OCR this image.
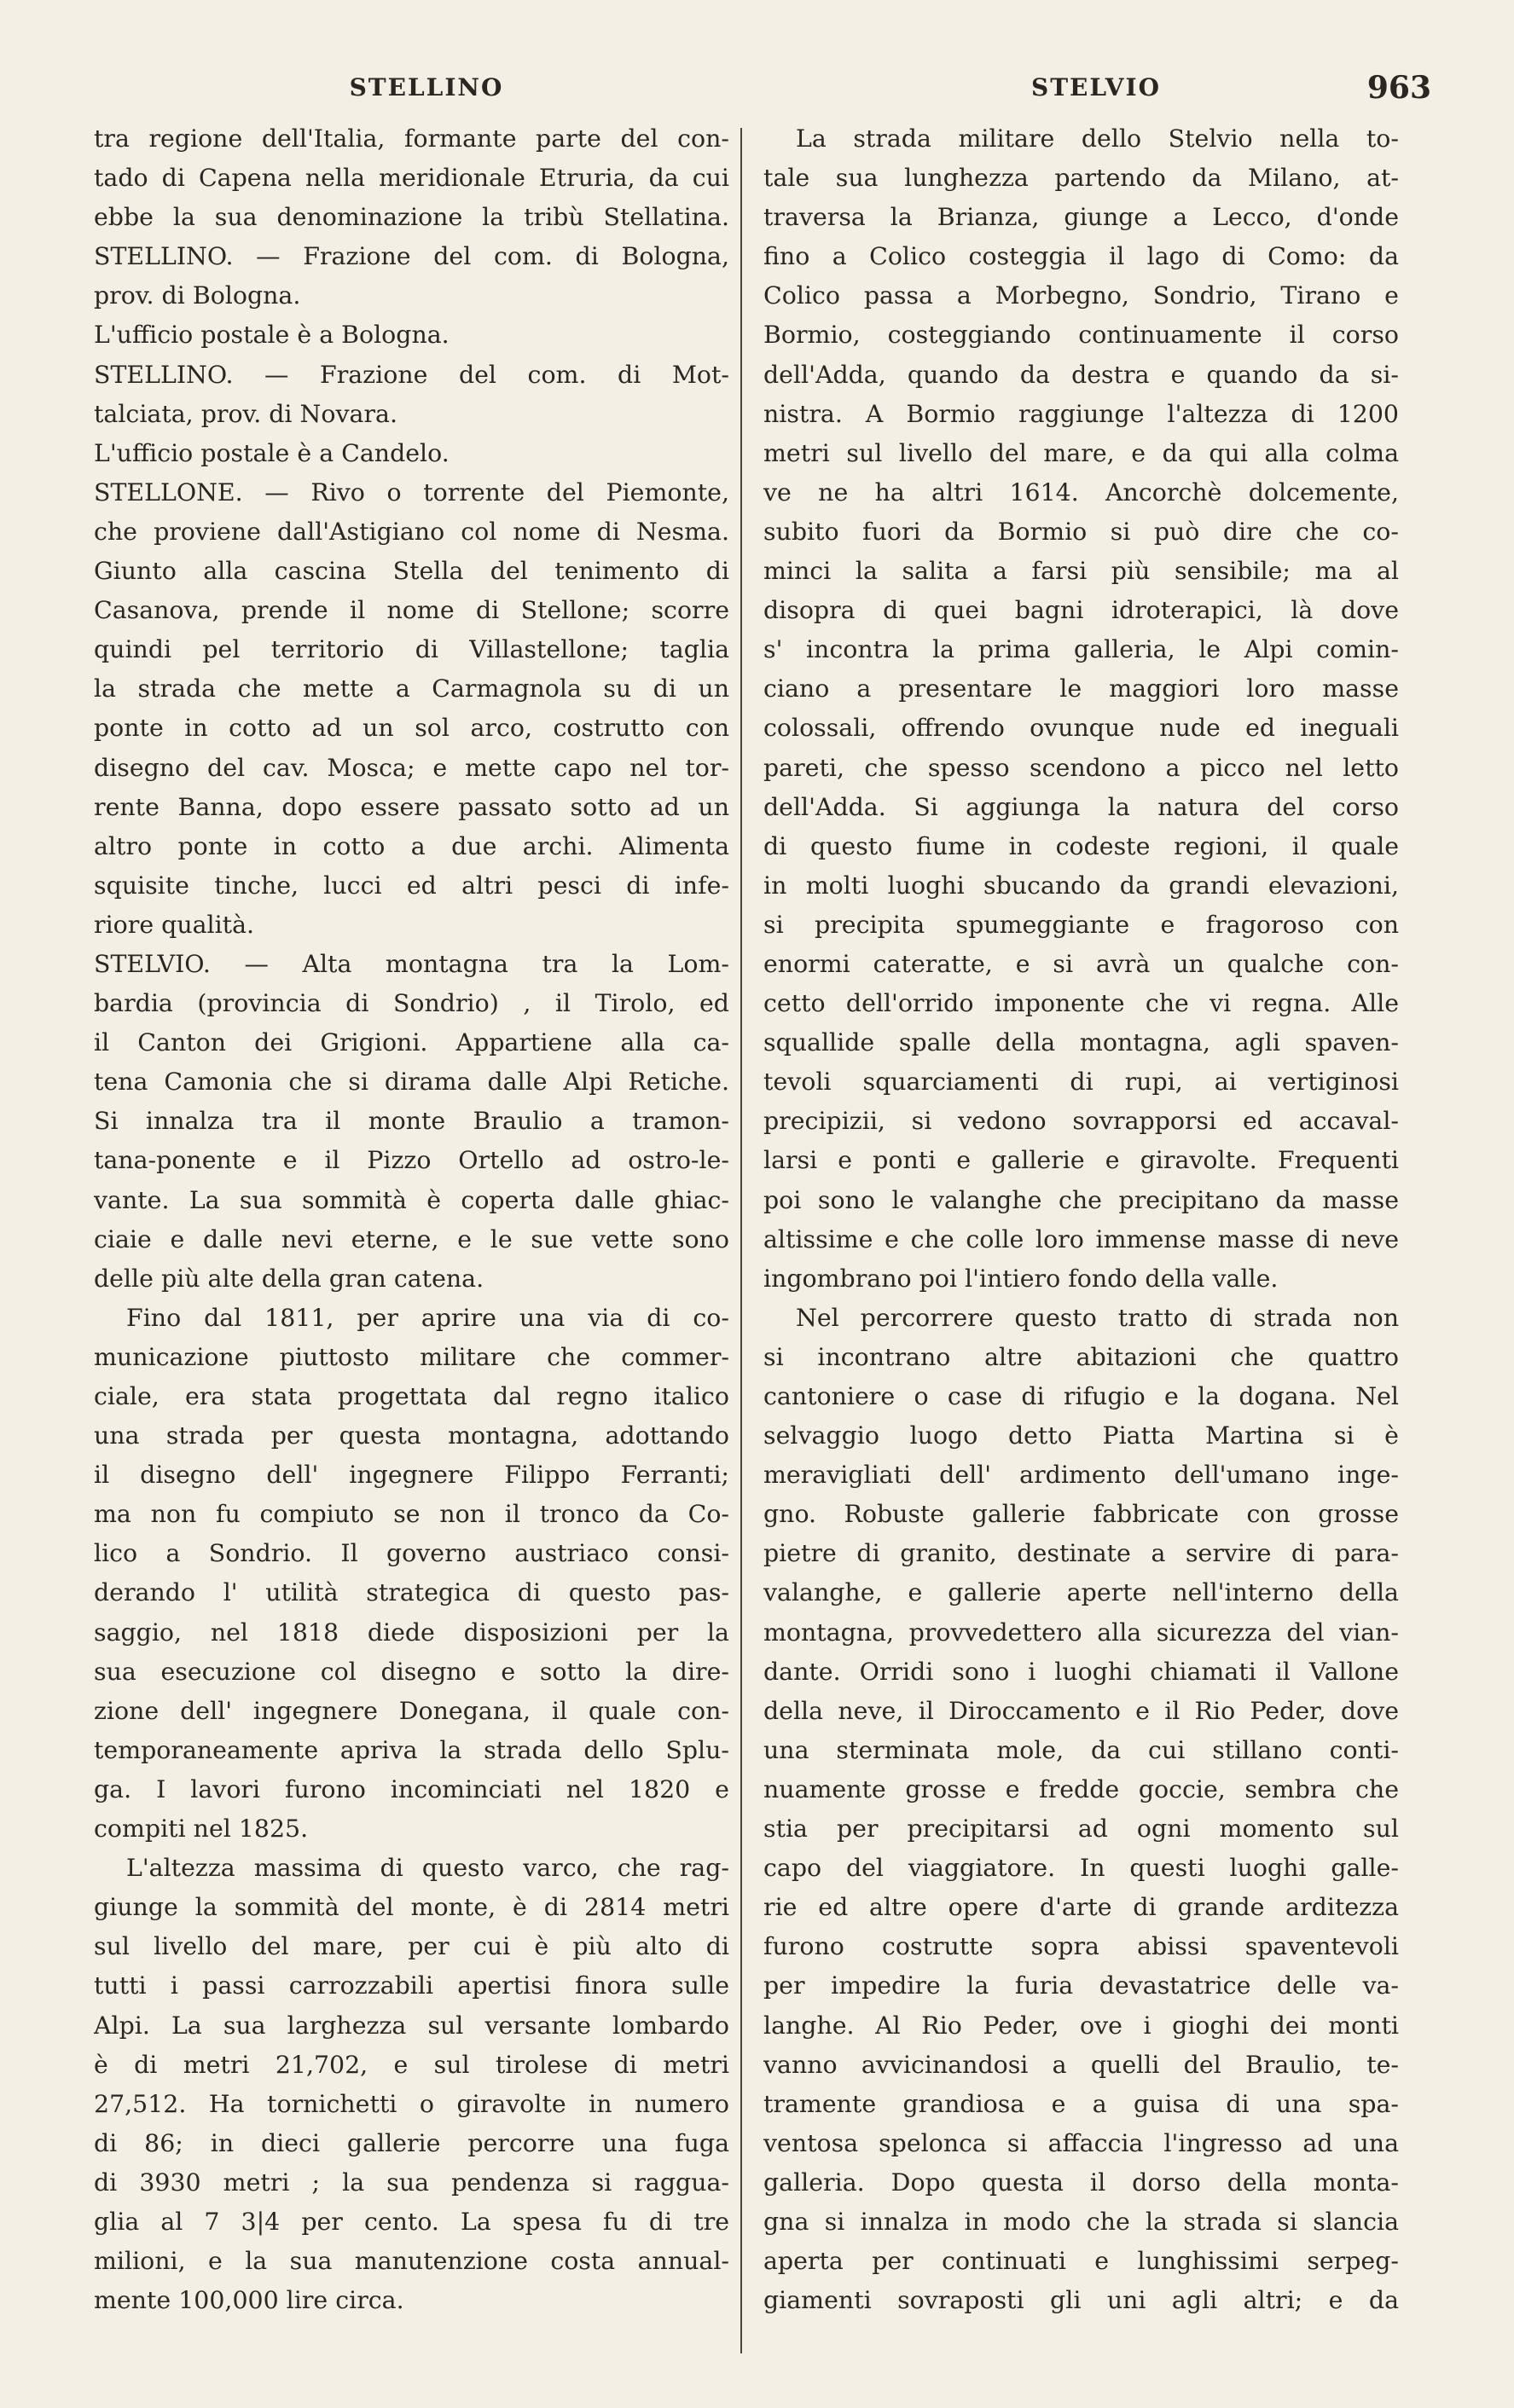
STELLINO	STELVIO	963
tra regione dell'Italia, formante parte del con-
tado di Capena nella meridionale Etruria, da cui
ebbe la sua denominazione la tribù Stellatina.
STELLINO. — Frazione del com. di Bologna,
prov. di Bologna.
L'ufficio postale è a Bologna.
STELLINO. — Frazione del com. di Mot-
talciata, prov. di Novara.
L'ufficio postale è a Candelo.
STELLONE. — Rivo o torrente del Piemonte,
che proviene dall'Astigiano col nome di Nesma.
Giunto alla cascina Stella del tenimento di
Casanova, prende il nome di Stellone; scorre
quindi pel territorio di Villastellone; taglia
la strada che mette a Carmagnola su di un
ponte in cotto ad un sol arco, costrutto con
disegno del cav. Mosca; e mette capo nel tor-
rente Banna, dopo essere passato sotto ad un
altro ponte in cotto a due archi. Alimenta
squisite tinche, lucci ed altri pesci di infe-
riore qualità.
STELVIO. — Alta montagna tra la Lom-
bardia (provincia di Sondrio) , il Tirolo, ed
il Canton dei Grigioni. Appartiene alla ca-
tena Camonia che si dirama dalle Alpi Retiche.
Si innalza tra il monte Braulio a tramon-
tana-ponente e il Pizzo Ortello ad ostro-le-
vante. La sua sommità è coperta dalle ghiac-
ciaie e dalle nevi eterne, e le sue vette sono
delle più alte della gran catena.
Fino dal 1811, per aprire una via di co-
municazione piuttosto militare che commer-
ciale, era stata progettata dal regno italico
una strada per questa montagna, adottando
il disegno dell' ingegnere Filippo Ferranti;
ma non fu compiuto se non il tronco da Co-
lico a Sondrio. Il governo austriaco consi-
derando l' utilità strategica di questo pas-
saggio, nel 1818 diede disposizioni per la
sua esecuzione col disegno e sotto la dire-
zione dell' ingegnere Donegana, il quale con-
temporaneamente apriva la strada dello Splu-
ga. I lavori furono incominciati nel 1820 e
compiti nel 1825.
L'altezza massima di questo varco, che rag-
giunge la sommità del monte, è di 2814 metri
sul livello del mare, per cui è più alto di
tutti i passi carrozzabili apertisi finora sulle
Alpi. La sua larghezza sul versante lombardo
è di metri 21,702, e sul tirolese di metri
27,512. Ha tornichetti o giravolte in numero
di 86; in dieci gallerie percorre una fuga
di 3930 metri ; la sua pendenza si raggua-
glia al 7 3|4 per cento. La spesa fu di tre
milioni, e la sua manutenzione costa annual-
mente 100,000 lire circa.
La strada militare dello Stelvio nella to-
tale sua lunghezza partendo da Milano, at-
traversa la Brianza, giunge a Lecco, d'onde
fino a Colico costeggia il lago di Como: da
Colico passa a Morbegno, Sondrio, Tirano e
Bormio, costeggiando continuamente il corso
dell'Adda, quando da destra e quando da si-
nistra. A Bormio raggiunge l'altezza di 1200
metri sul livello del mare, e da qui alla colma
ve ne ha altri 1614. Ancorchè dolcemente,
subito fuori da Bormio si può dire che co-
minci la salita a farsi più sensibile; ma al
disopra di quei bagni idroterapici, là dove
s' incontra la prima galleria, le Alpi comin-
ciano a presentare le maggiori loro masse
colossali, offrendo ovunque nude ed ineguali
pareti, che spesso scendono a picco nel letto
dell'Adda. Si aggiunga la natura del corso
di questo fiume in codeste regioni, il quale
in molti luoghi sbucando da grandi elevazioni,
si precipita spumeggiante e fragoroso con
enormi cateratte, e si avrà un qualche con-
cetto dell'orrido imponente che vi regna. Alle
squallide spalle della montagna, agli spaven-
tevoli squarciamenti di rupi, ai vertiginosi
precipizii, si vedono sovrapporsi ed accaval-
larsi e ponti e gallerie e giravolte. Frequenti
poi sono le valanghe che precipitano da masse
altissime e che colle loro immense masse di neve
ingombrano poi l'intiero fondo della valle.
Nel percorrere questo tratto di strada non
si incontrano altre abitazioni che quattro
cantoniere o case di rifugio e la dogana. Nel
selvaggio luogo detto Piatta Martina si è
meravigliati dell' ardimento dell'umano inge-
gno. Robuste gallerie fabbricate con grosse
pietre di granito, destinate a servire di para-
valanghe, e gallerie aperte nell'interno della
montagna, provvedettero alla sicurezza del vian-
dante. Orridi sono i luoghi chiamati il Vallone
della neve, il Diroccamento e il Rio Peder, dove
una sterminata mole, da cui stillano conti-
nuamente grosse e fredde goccie, sembra che
stia per precipitarsi ad ogni momento sul
capo del viaggiatore. In questi luoghi galle-
rie ed altre opere d'arte di grande arditezza
furono costrutte sopra abissi spaventevoli
per impedire la furia devastatrice delle va-
langhe. Al Rio Peder, ove i gioghi dei monti
vanno avvicinandosi a quelli del Braulio, te-
tramente grandiosa e a guisa di una spa-
ventosa spelonca si affaccia l'ingresso ad una
galleria. Dopo questa il dorso della monta-
gna si innalza in modo che la strada si slancia
aperta per continuati e lunghissimi serpeg-
giamenti sovraposti gli uni agli altri; e da
